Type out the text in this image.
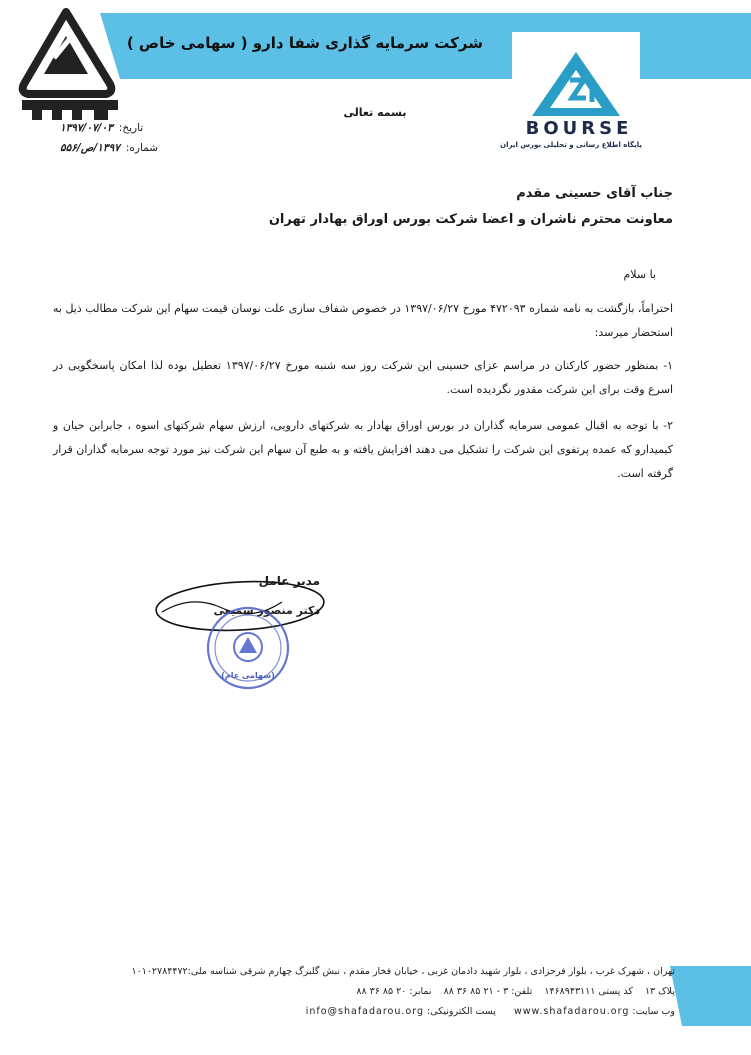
شرکت سرمایه گذاری شفا دارو ( سهامی خاص )
BOURSE
پایگاه اطلاع رسانی و تحلیلی بورس ایران
بسمه تعالی
تاریخ:
۱۳۹۷/۰۷/۰۳
شماره:
۱۳۹۷/ص/۵۵۶
جناب آقای حسینی مقدم
معاونت محترم ناشران و اعضا شرکت بورس اوراق بهادار تهران
با سلام
احتراماً، بازگشت به نامه شماره ۴۷۲۰۹۳ مورخ ۱۳۹۷/۰۶/۲۷ در خصوص شفاف سازی علت نوسان قیمت سهام این شرکت مطالب ذیل به استحضار میرسد:
۱- بمنظور حضور کارکنان در مراسم عزای حسینی این شرکت روز سه شنبه مورخ ۱۳۹۷/۰۶/۲۷ تعطیل بوده لذا امکان پاسخگویی در اسرع وقت برای این شرکت مقدور نگردیده است.
۲- با توجه به اقبال عمومی سرمایه گذاران در بورس اوراق بهادار به شرکتهای دارویی، ارزش سهام شرکتهای اسوه ، جابرابن حیان و کیمیدارو که عمده پرتفوی این شرکت را تشکیل می دهند افزایش یافته و به طبع آن سهام این شرکت نیز مورد توجه سرمایه گذاران قرار گرفته است.
مدیر عامل
دکتر منصور سمیعی
(سهامی عام)
تهران ، شهرک غرب ، بلوار فرحزادی ، بلوار شهید دادمان غربی ، خیابان فخار مقدم ، نبش گلبرگ چهارم شرقی شناسه ملی:۱۰۱۰۲۷۸۴۴۷۲
پلاک ۱۳    کد پستی ۱۴۶۸۹۴۳۱۱۱    تلفن: ۳ - ۲۱ ۸۵ ۳۶ ۸۸    نمابر: ۲۰ ۸۵ ۳۶ ۸۸
وب سایت: www.shafadarou.org      پست الکترونیکی: info@shafadarou.org
